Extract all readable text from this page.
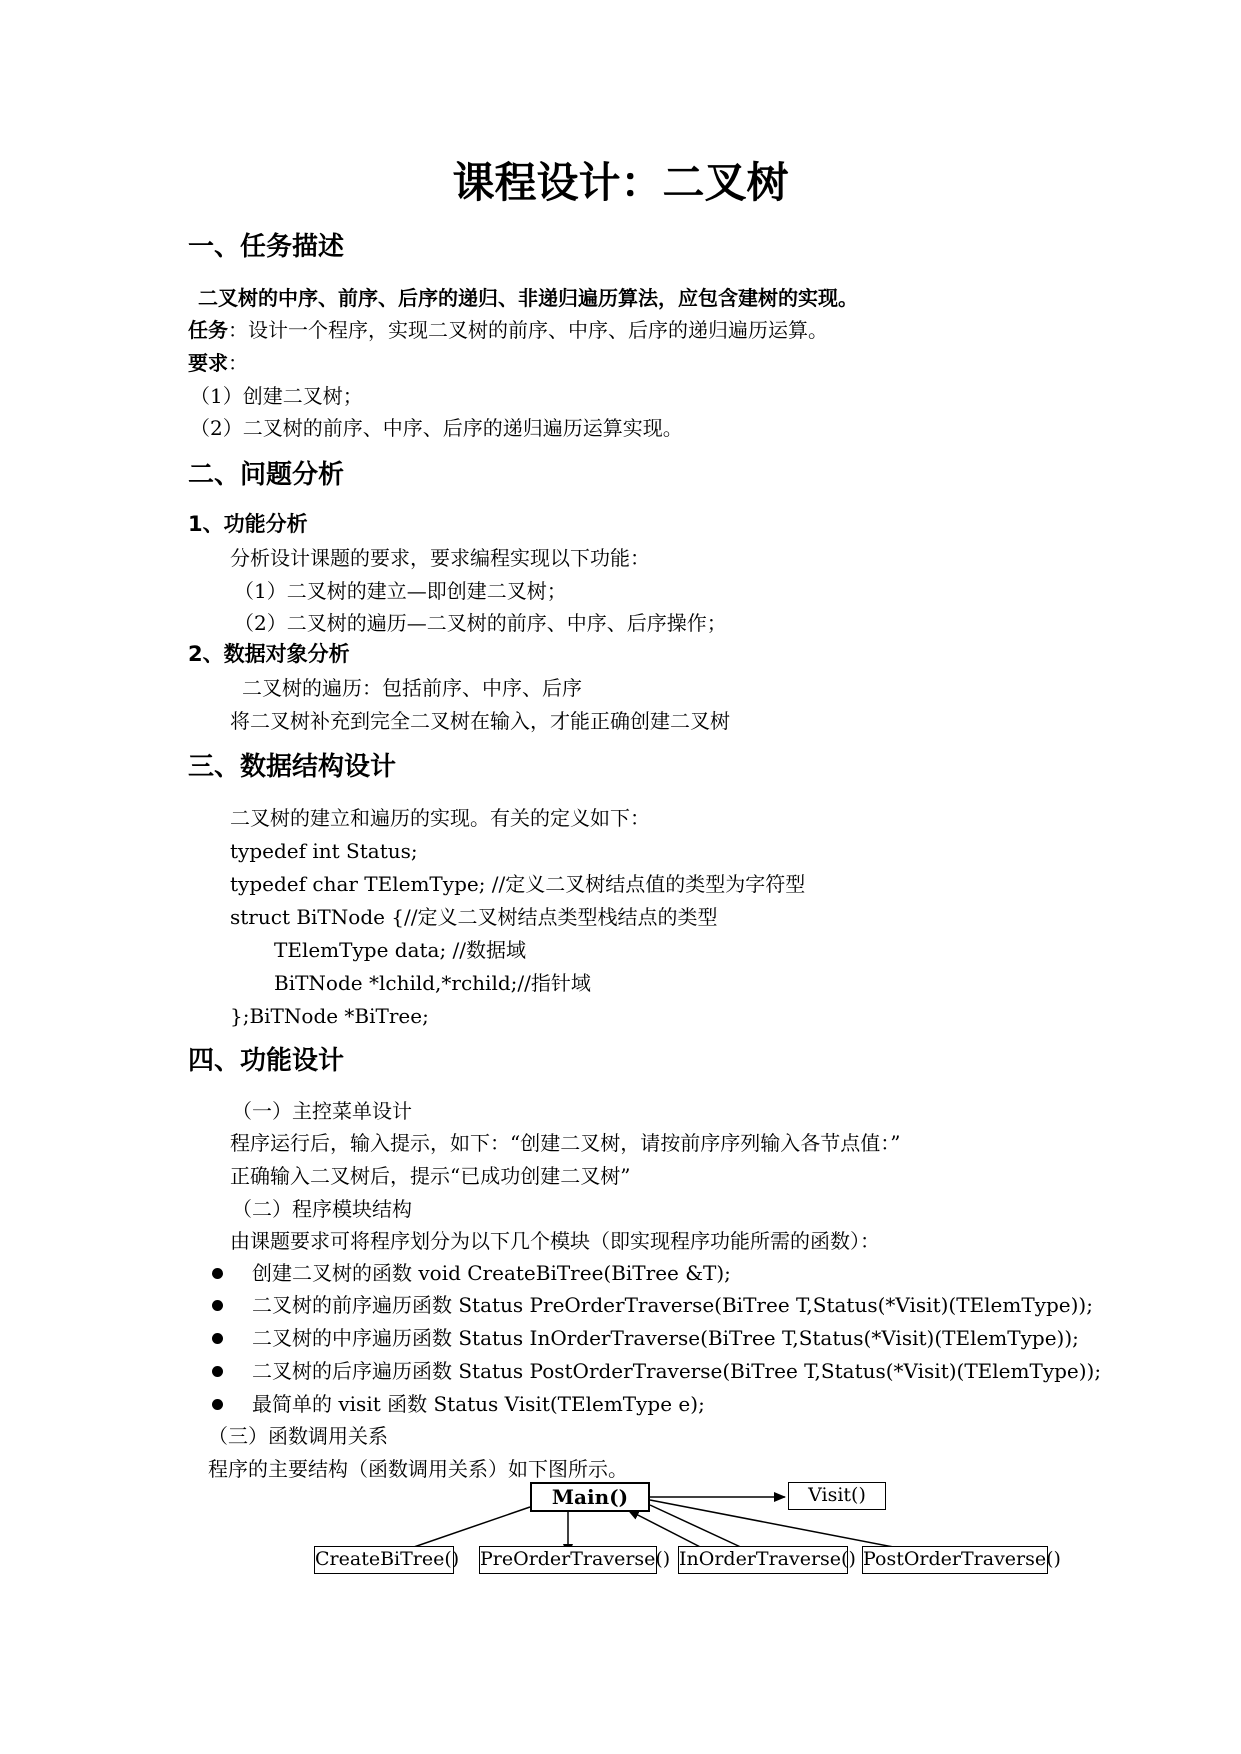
课程设计：二叉树
一、任务描述
二叉树的中序、前序、后序的递归、非递归遍历算法，应包含建树的实现。
任务：设计一个程序，实现二叉树的前序、中序、后序的递归遍历运算。
要求：
（1）创建二叉树；
（2）二叉树的前序、中序、后序的递归遍历运算实现。
二、问题分析
1、功能分析
分析设计课题的要求，要求编程实现以下功能：
（1）二叉树的建立—即创建二叉树；
（2）二叉树的遍历—二叉树的前序、中序、后序操作；
2、数据对象分析
二叉树的遍历：包括前序、中序、后序
将二叉树补充到完全二叉树在输入，才能正确创建二叉树
三、数据结构设计
二叉树的建立和遍历的实现。有关的定义如下：
typedef int Status;
typedef char TElemType; //定义二叉树结点值的类型为字符型
struct BiTNode {//定义二叉树结点类型栈结点的类型
TElemType data; //数据域
BiTNode *lchild,*rchild;//指针域
};BiTNode *BiTree;
四、功能设计
（一）主控菜单设计
程序运行后，输入提示，如下：“创建二叉树，请按前序序列输入各节点值：”
正确输入二叉树后，提示“已成功创建二叉树”
（二）程序模块结构
由课题要求可将程序划分为以下几个模块（即实现程序功能所需的函数）：
创建二叉树的函数 void CreateBiTree(BiTree &T);
二叉树的前序遍历函数 Status PreOrderTraverse(BiTree T,Status(*Visit)(TElemType));
二叉树的中序遍历函数 Status InOrderTraverse(BiTree T,Status(*Visit)(TElemType));
二叉树的后序遍历函数 Status PostOrderTraverse(BiTree T,Status(*Visit)(TElemType));
最简单的 visit 函数 Status Visit(TElemType e);
（三）函数调用关系
程序的主要结构（函数调用关系）如下图所示。
Main()	Visit()
CreateBiTree() PreOrderTraverse() InOrderTraverse() PostOrderTraverse()
